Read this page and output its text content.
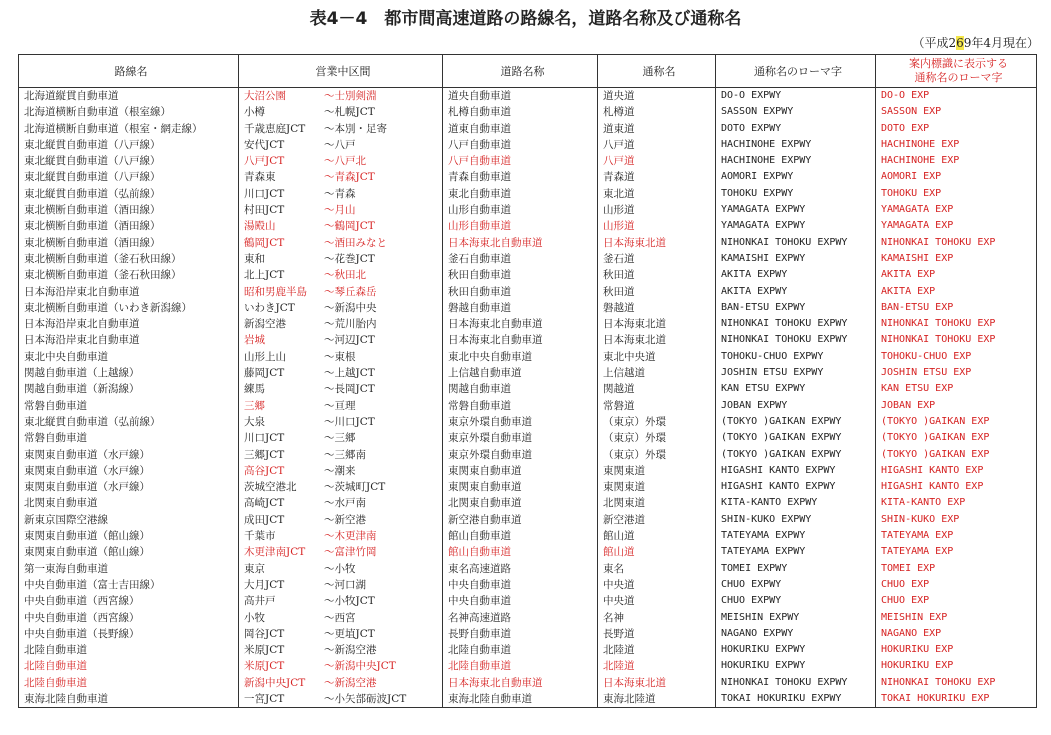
表4－4　都市間高速道路の路線名，道路名称及び通称名
（平成269年4月現在）
路線名	営業中区間	道路名称	通称名	通称名のローマ字	案内標識に表示する
通称名のローマ字
北海道縦貫自動車道	大沼公園 ～士別剣淵	道央自動車道	道央道	DO-O EXPWY	DO-O EXP
北海道横断自動車道（根室線）	小樽 ～札幌JCT	札樽自動車道	札樽道	SASSON EXPWY	SASSON EXP
北海道横断自動車道（根室・網走線）	千歳恵庭JCT ～本別・足寄	道東自動車道	道東道	DOTO EXPWY	DOTO EXP
東北縦貫自動車道（八戸線）	安代JCT ～八戸	八戸自動車道	八戸道	HACHINOHE EXPWY	HACHINOHE EXP
東北縦貫自動車道（八戸線）	八戸JCT ～八戸北	八戸自動車道	八戸道	HACHINOHE EXPWY	HACHINOHE EXP
東北縦貫自動車道（八戸線）	青森東 ～青森JCT	青森自動車道	青森道	AOMORI EXPWY	AOMORI EXP
東北縦貫自動車道（弘前線）	川口JCT ～青森	東北自動車道	東北道	TOHOKU EXPWY	TOHOKU EXP
東北横断自動車道（酒田線）	村田JCT ～月山	山形自動車道	山形道	YAMAGATA EXPWY	YAMAGATA EXP
東北横断自動車道（酒田線）	湯殿山 ～鶴岡JCT	山形自動車道	山形道	YAMAGATA EXPWY	YAMAGATA EXP
東北横断自動車道（酒田線）	鶴岡JCT ～酒田みなと	日本海東北自動車道	日本海東北道	NIHONKAI TOHOKU EXPWY	NIHONKAI TOHOKU EXP
東北横断自動車道（釜石秋田線）	東和 ～花巻JCT	釜石自動車道	釜石道	KAMAISHI EXPWY	KAMAISHI EXP
東北横断自動車道（釜石秋田線）	北上JCT ～秋田北	秋田自動車道	秋田道	AKITA EXPWY	AKITA EXP
日本海沿岸東北自動車道	昭和男鹿半島 ～琴丘森岳	秋田自動車道	秋田道	AKITA EXPWY	AKITA EXP
東北横断自動車道（いわき新潟線）	いわきJCT ～新潟中央	磐越自動車道	磐越道	BAN-ETSU EXPWY	BAN-ETSU EXP
日本海沿岸東北自動車道	新潟空港 ～荒川胎内	日本海東北自動車道	日本海東北道	NIHONKAI TOHOKU EXPWY	NIHONKAI TOHOKU EXP
日本海沿岸東北自動車道	岩城 ～河辺JCT	日本海東北自動車道	日本海東北道	NIHONKAI TOHOKU EXPWY	NIHONKAI TOHOKU EXP
東北中央自動車道	山形上山 ～東根	東北中央自動車道	東北中央道	TOHOKU-CHUO EXPWY	TOHOKU-CHUO EXP
関越自動車道（上越線）	藤岡JCT ～上越JCT	上信越自動車道	上信越道	JOSHIN ETSU EXPWY	JOSHIN ETSU EXP
関越自動車道（新潟線）	練馬 ～長岡JCT	関越自動車道	関越道	KAN ETSU EXPWY	KAN ETSU EXP
常磐自動車道	三郷 ～亘理	常磐自動車道	常磐道	JOBAN EXPWY	JOBAN EXP
東北縦貫自動車道（弘前線）	大泉 ～川口JCT	東京外環自動車道	（東京）外環	(TOKYO )GAIKAN EXPWY	(TOKYO )GAIKAN EXP
常磐自動車道	川口JCT ～三郷	東京外環自動車道	（東京）外環	(TOKYO )GAIKAN EXPWY	(TOKYO )GAIKAN EXP
東関東自動車道（水戸線）	三郷JCT ～三郷南	東京外環自動車道	（東京）外環	(TOKYO )GAIKAN EXPWY	(TOKYO )GAIKAN EXP
東関東自動車道（水戸線）	高谷JCT ～潮来	東関東自動車道	東関東道	HIGASHI KANTO EXPWY	HIGASHI KANTO EXP
東関東自動車道（水戸線）	茨城空港北 ～茨城町JCT	東関東自動車道	東関東道	HIGASHI KANTO EXPWY	HIGASHI KANTO EXP
北関東自動車道	高崎JCT ～水戸南	北関東自動車道	北関東道	KITA-KANTO EXPWY	KITA-KANTO EXP
新東京国際空港線	成田JCT ～新空港	新空港自動車道	新空港道	SHIN-KUKO EXPWY	SHIN-KUKO EXP
東関東自動車道（館山線）	千葉市 ～木更津南	館山自動車道	館山道	TATEYAMA EXPWY	TATEYAMA EXP
東関東自動車道（館山線）	木更津南JCT ～富津竹岡	館山自動車道	館山道	TATEYAMA EXPWY	TATEYAMA EXP
第一東海自動車道	東京 ～小牧	東名高速道路	東名	TOMEI EXPWY	TOMEI EXP
中央自動車道（富士吉田線）	大月JCT ～河口湖	中央自動車道	中央道	CHUO EXPWY	CHUO EXP
中央自動車道（西宮線）	高井戸 ～小牧JCT	中央自動車道	中央道	CHUO EXPWY	CHUO EXP
中央自動車道（西宮線）	小牧 ～西宮	名神高速道路	名神	MEISHIN EXPWY	MEISHIN EXP
中央自動車道（長野線）	岡谷JCT ～更埴JCT	長野自動車道	長野道	NAGANO EXPWY	NAGANO EXP
北陸自動車道	米原JCT ～新潟空港	北陸自動車道	北陸道	HOKURIKU EXPWY	HOKURIKU EXP
北陸自動車道	米原JCT ～新潟中央JCT	北陸自動車道	北陸道	HOKURIKU EXPWY	HOKURIKU EXP
北陸自動車道	新潟中央JCT ～新潟空港	日本海東北自動車道	日本海東北道	NIHONKAI TOHOKU EXPWY	NIHONKAI TOHOKU EXP
東海北陸自動車道	一宮JCT ～小矢部砺波JCT	東海北陸自動車道	東海北陸道	TOKAI HOKURIKU EXPWY	TOKAI HOKURIKU EXP
